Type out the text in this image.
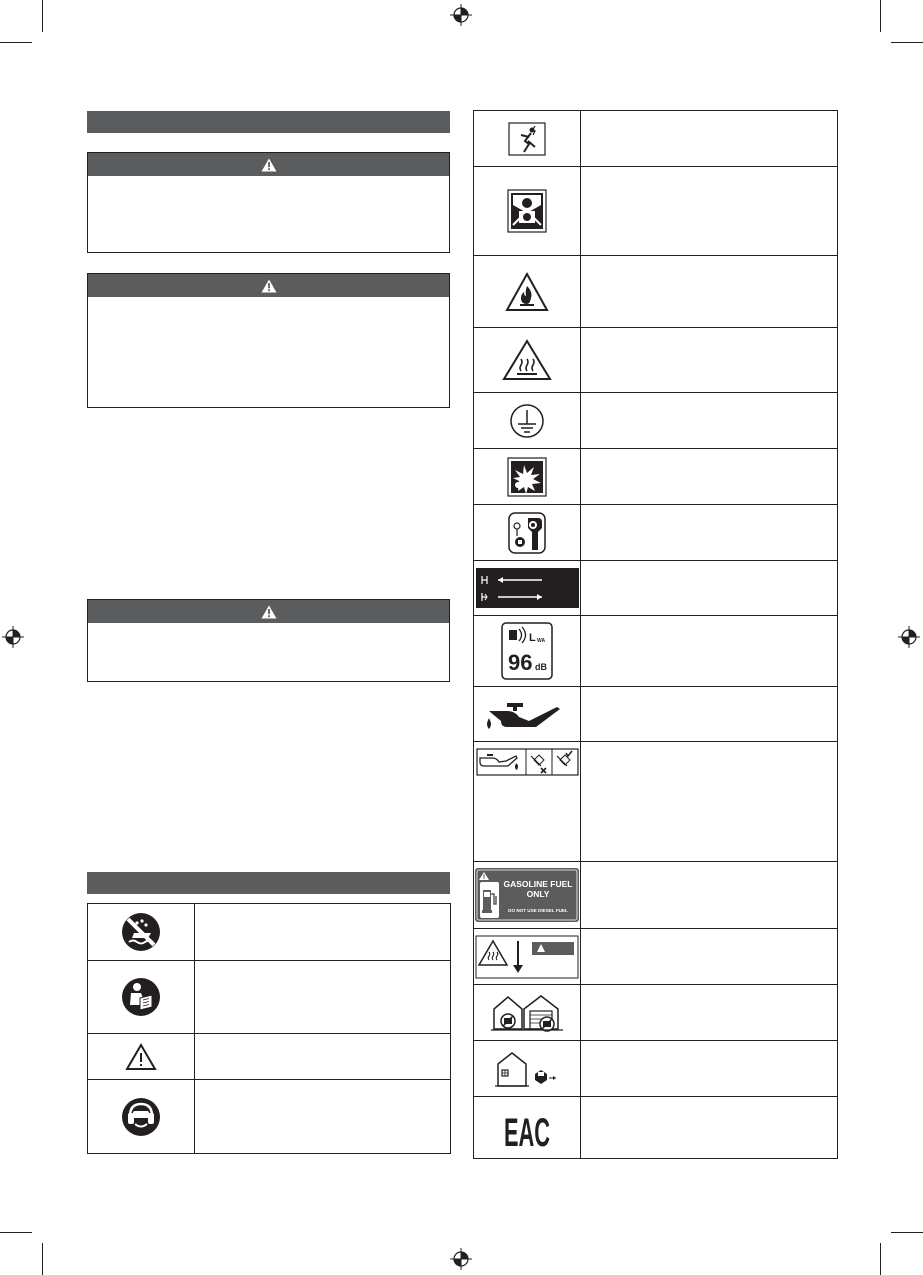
L WA
96 dB	

GASOLINE FUEL
ONLY
DO NOT USE DIESEL FUEL	

EAC	
